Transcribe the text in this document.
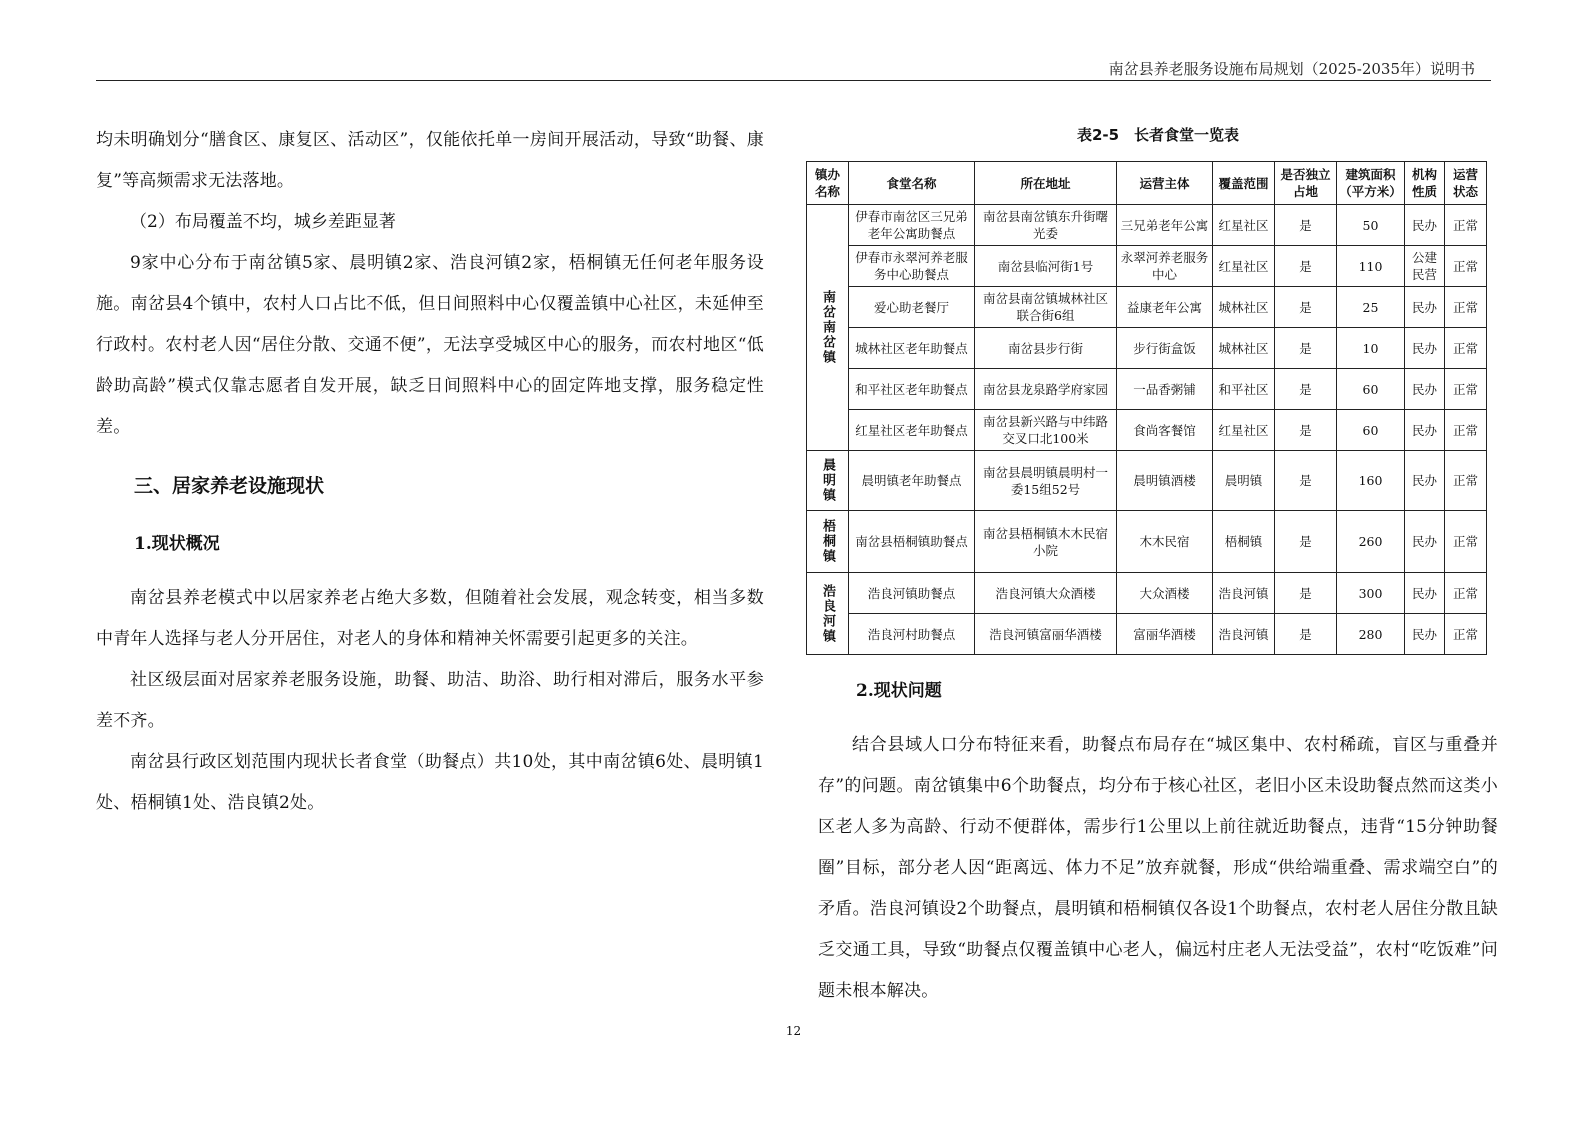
南岔县养老服务设施布局规划（2025-2035年）说明书

均未明确划分“膳食区、康复区、活动区”，仅能依托单一房间开展活动，导致“助餐、康复”等高频需求无法落地。

（2）布局覆盖不均，城乡差距显著

9家中心分布于南岔镇5家、晨明镇2家、浩良河镇2家，梧桐镇无任何老年服务设施。南岔县4个镇中，农村人口占比不低，但日间照料中心仅覆盖镇中心社区，未延伸至行政村。农村老人因“居住分散、交通不便”，无法享受城区中心的服务，而农村地区“低龄助高龄”模式仅靠志愿者自发开展，缺乏日间照料中心的固定阵地支撑，服务稳定性差。

三、居家养老设施现状
1.现状概况

南岔县养老模式中以居家养老占绝大多数，但随着社会发展，观念转变，相当多数中青年人选择与老人分开居住，对老人的身体和精神关怀需要引起更多的关注。

社区级层面对居家养老服务设施，助餐、助洁、助浴、助行相对滞后，服务水平参差不齐。

南岔县行政区划范围内现状长者食堂（助餐点）共10处，其中南岔镇6处、晨明镇1处、梧桐镇1处、浩良镇2处。

表2-5　长者食堂一览表
镇办名称	食堂名称	所在地址	运营主体	覆盖范围	是否独立占地	建筑面积（平方米）	机构性质	运营状态
南岔南岔镇	伊春市南岔区三兄弟老年公寓助餐点	南岔县南岔镇东升街曙光委	三兄弟老年公寓	红星社区	是	50	民办	正常
	伊春市永翠河养老服务中心助餐点	南岔县临河街1号	永翠河养老服务中心	红星社区	是	110	公建民营	正常
	爱心助老餐厅	南岔县南岔镇城林社区联合街6组	益康老年公寓	城林社区	是	25	民办	正常
	城林社区老年助餐点	南岔县步行街	步行街盒饭	城林社区	是	10	民办	正常
	和平社区老年助餐点	南岔县龙泉路学府家园	一品香粥铺	和平社区	是	60	民办	正常
	红星社区老年助餐点	南岔县新兴路与中纬路交叉口北100米	食尚客餐馆	红星社区	是	60	民办	正常
晨明镇	晨明镇老年助餐点	南岔县晨明镇晨明村一委15组52号	晨明镇酒楼	晨明镇	是	160	民办	正常
梧桐镇	南岔县梧桐镇助餐点	南岔县梧桐镇木木民宿小院	木木民宿	梧桐镇	是	260	民办	正常
浩良河镇	浩良河镇助餐点	浩良河镇大众酒楼	大众酒楼	浩良河镇	是	300	民办	正常
	浩良河村助餐点	浩良河镇富丽华酒楼	富丽华酒楼	浩良河镇	是	280	民办	正常
2.现状问题

结合县域人口分布特征来看，助餐点布局存在“城区集中、农村稀疏，盲区与重叠并存”的问题。南岔镇集中6个助餐点，均分布于核心社区，老旧小区未设助餐点然而这类小区老人多为高龄、行动不便群体，需步行1公里以上前往就近助餐点，违背“15分钟助餐圈”目标，部分老人因“距离远、体力不足”放弃就餐，形成“供给端重叠、需求端空白”的矛盾。浩良河镇设2个助餐点，晨明镇和梧桐镇仅各设1个助餐点，农村老人居住分散且缺乏交通工具，导致“助餐点仅覆盖镇中心老人，偏远村庄老人无法受益”，农村“吃饭难”问题未根本解决。

12
